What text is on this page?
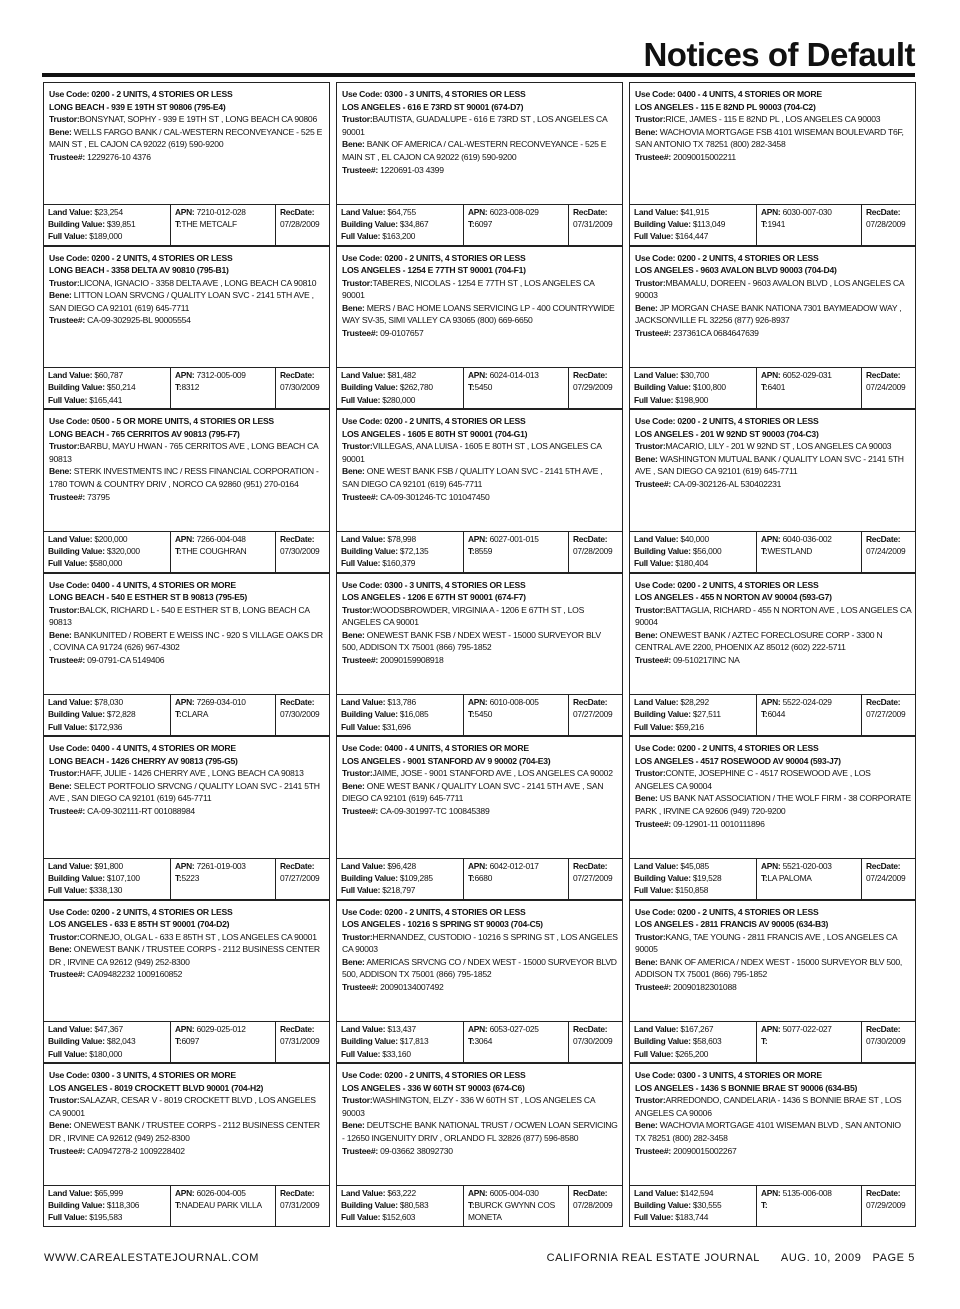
Notices of Default
Use Code: 0200 - 2 UNITS, 4 STORIES OR LESS
LONG BEACH - 939 E 19TH ST 90806 (795-E4)
Trustor:BONSYNAT, SOPHY - 939 E 19TH ST , LONG BEACH CA 90806
Bene: WELLS FARGO BANK / CAL-WESTERN RECONVEYANCE - 525 E MAIN ST , EL CAJON CA 92022 (619) 590-9200
Trustee#: 1229276-10 4376
Land Value: $23,254
Building Value: $39,851
Full Value: $189,000
APN: 7210-012-028
T:THE METCALF
RecDate:
07/28/2009
Use Code: 0300 - 3 UNITS, 4 STORIES OR LESS
LOS ANGELES - 616 E 73RD ST 90001 (674-D7)
Trustor:BAUTISTA, GUADALUPE - 616 E 73RD ST , LOS ANGELES CA 90001
Bene: BANK OF AMERICA / CAL-WESTERN RECONVEYANCE - 525 E MAIN ST , EL CAJON CA 92022 (619) 590-9200
Trustee#: 1220691-03 4399
Land Value: $64,755
Building Value: $34,867
Full Value: $163,200
APN: 6023-008-029
T:6097
RecDate:
07/31/2009
Use Code: 0400 - 4 UNITS, 4 STORIES OR MORE
LOS ANGELES - 115 E 82ND PL 90003 (704-C2)
Trustor:RICE, JAMES - 115 E 82ND PL , LOS ANGELES CA 90003
Bene: WACHOVIA MORTGAGE FSB 4101 WISEMAN BOULEVARD T6F, SAN ANTONIO TX 78251 (800) 282-3458
Trustee#: 20090015002211
Land Value: $41,915
Building Value: $113,049
Full Value: $164,447
APN: 6030-007-030
T:1941
RecDate:
07/28/2009
Use Code: 0200 - 2 UNITS, 4 STORIES OR LESS
LONG BEACH - 3358 DELTA AV 90810 (795-B1)
Trustor:LICONA, IGNACIO - 3358 DELTA AVE , LONG BEACH CA 90810
Bene: LITTON LOAN SRVCNG / QUALITY LOAN SVC - 2141 5TH AVE , SAN DIEGO CA 92101 (619) 645-7711
Trustee#: CA-09-302925-BL 90005554
Land Value: $60,787
Building Value: $50,214
Full Value: $165,441
APN: 7312-005-009
T:8312
RecDate:
07/30/2009
Use Code: 0200 - 2 UNITS, 4 STORIES OR LESS
LOS ANGELES - 1254 E 77TH ST 90001 (704-F1)
Trustor:TABERES, NICOLAS - 1254 E 77TH ST , LOS ANGELES CA 90001
Bene: MERS / BAC HOME LOANS SERVICING LP - 400 COUNTRYWIDE WAY SV-35, SIMI VALLEY CA 93065 (800) 669-6650
Trustee#: 09-0107657
Land Value: $81,482
Building Value: $262,780
Full Value: $280,000
APN: 6024-014-013
T:5450
RecDate:
07/29/2009
Use Code: 0200 - 2 UNITS, 4 STORIES OR LESS
LOS ANGELES - 9603 AVALON BLVD 90003 (704-D4)
Trustor:MBAMALU, DOREEN - 9603 AVALON BLVD , LOS ANGELES CA 90003
Bene: JP MORGAN CHASE BANK NATIONA 7301 BAYMEADOW WAY , JACKSONVILLE FL 32256 (877) 926-8937
Trustee#: 237361CA 0684647639
Land Value: $30,700
Building Value: $100,800
Full Value: $198,900
APN: 6052-029-031
T:6401
RecDate:
07/24/2009
Use Code: 0500 - 5 OR MORE UNITS, 4 STORIES OR LESS
LONG BEACH - 765 CERRITOS AV 90813 (795-F7)
Trustor:BARBU, MAYU HWAN - 765 CERRITOS AVE , LONG BEACH CA 90813
Bene: STERK INVESTMENTS INC / RESS FINANCIAL CORPORATION - 1780 TOWN & COUNTRY DRIV , NORCO CA 92860 (951) 270-0164
Trustee#: 73795
Land Value: $200,000
Building Value: $320,000
Full Value: $580,000
APN: 7266-004-048
T:THE COUGHRAN
RecDate:
07/30/2009
Use Code: 0200 - 2 UNITS, 4 STORIES OR LESS
LOS ANGELES - 1605 E 80TH ST 90001 (704-G1)
Trustor:VILLEGAS, ANA LUISA - 1605 E 80TH ST , LOS ANGELES CA 90001
Bene: ONE WEST BANK FSB / QUALITY LOAN SVC - 2141 5TH AVE , SAN DIEGO CA 92101 (619) 645-7711
Trustee#: CA-09-301246-TC 101047450
Land Value: $78,998
Building Value: $72,135
Full Value: $160,379
APN: 6027-001-015
T:8559
RecDate:
07/28/2009
Use Code: 0200 - 2 UNITS, 4 STORIES OR LESS
LOS ANGELES - 201 W 92ND ST 90003 (704-C3)
Trustor:MACARIO, LILY - 201 W 92ND ST , LOS ANGELES CA 90003
Bene: WASHINGTON MUTUAL BANK / QUALITY LOAN SVC - 2141 5TH AVE , SAN DIEGO CA 92101 (619) 645-7711
Trustee#: CA-09-302126-AL 530402231
Land Value: $40,000
Building Value: $56,000
Full Value: $180,404
APN: 6040-036-002
T:WESTLAND
RecDate:
07/24/2009
Use Code: 0400 - 4 UNITS, 4 STORIES OR MORE
LONG BEACH - 540 E ESTHER ST B 90813 (795-E5)
Trustor:BALCK, RICHARD L - 540 E ESTHER ST B, LONG BEACH CA 90813
Bene: BANKUNITED / ROBERT E WEISS INC - 920 S VILLAGE OAKS DR , COVINA CA 91724 (626) 967-4302
Trustee#: 09-0791-CA 5149406
Land Value: $78,030
Building Value: $72,828
Full Value: $172,936
APN: 7269-034-010
T:CLARA
RecDate:
07/30/2009
Use Code: 0300 - 3 UNITS, 4 STORIES OR LESS
LOS ANGELES - 1206 E 67TH ST 90001 (674-F7)
Trustor:WOODSBROWDER, VIRGINIA A - 1206 E 67TH ST , LOS ANGELES CA 90001
Bene: ONEWEST BANK FSB / NDEX WEST - 15000 SURVEYOR BLV 500, ADDISON TX 75001 (866) 795-1852
Trustee#: 20090159908918
Land Value: $13,786
Building Value: $16,085
Full Value: $31,696
APN: 6010-008-005
T:5450
RecDate:
07/27/2009
Use Code: 0200 - 2 UNITS, 4 STORIES OR LESS
LOS ANGELES - 455 N NORTON AV 90004 (593-G7)
Trustor:BATTAGLIA, RICHARD - 455 N NORTON AVE , LOS ANGELES CA 90004
Bene: ONEWEST BANK / AZTEC FORECLOSURE CORP - 3300 N CENTRAL AVE 2200, PHOENIX AZ 85012 (602) 222-5711
Trustee#: 09-510217INC NA
Land Value: $28,292
Building Value: $27,511
Full Value: $59,216
APN: 5522-024-029
T:6044
RecDate:
07/27/2009
Use Code: 0400 - 4 UNITS, 4 STORIES OR MORE
LONG BEACH - 1426 CHERRY AV 90813 (795-G5)
Trustor:HAFF, JULIE - 1426 CHERRY AVE , LONG BEACH CA 90813
Bene: SELECT PORTFOLIO SRVCNG / QUALITY LOAN SVC - 2141 5TH AVE , SAN DIEGO CA 92101 (619) 645-7711
Trustee#: CA-09-302111-RT 001088984
Land Value: $91,800
Building Value: $107,100
Full Value: $338,130
APN: 7261-019-003
T:5223
RecDate:
07/27/2009
Use Code: 0400 - 4 UNITS, 4 STORIES OR MORE
LOS ANGELES - 9001 STANFORD AV 9 90002 (704-E3)
Trustor:JAIME, JOSE - 9001 STANFORD AVE , LOS ANGELES CA 90002
Bene: ONE WEST BANK / QUALITY LOAN SVC - 2141 5TH AVE , SAN DIEGO CA 92101 (619) 645-7711
Trustee#: CA-09-301997-TC 100845389
Land Value: $96,428
Building Value: $109,285
Full Value: $218,797
APN: 6042-012-017
T:6680
RecDate:
07/27/2009
Use Code: 0200 - 2 UNITS, 4 STORIES OR LESS
LOS ANGELES - 4517 ROSEWOOD AV 90004 (593-J7)
Trustor:CONTE, JOSEPHINE C - 4517 ROSEWOOD AVE , LOS ANGELES CA 90004
Bene: US BANK NAT ASSOCIATION / THE WOLF FIRM - 38 CORPORATE PARK , IRVINE CA 92606 (949) 720-9200
Trustee#: 09-12901-11 0010111896
Land Value: $45,085
Building Value: $19,528
Full Value: $150,858
APN: 5521-020-003
T:LA PALOMA
RecDate:
07/24/2009
Use Code: 0200 - 2 UNITS, 4 STORIES OR LESS
LOS ANGELES - 633 E 85TH ST 90001 (704-D2)
Trustor:CORNEJO, OLGA L - 633 E 85TH ST , LOS ANGELES CA 90001
Bene: ONEWEST BANK / TRUSTEE CORPS - 2112 BUSINESS CENTER DR , IRVINE CA 92612 (949) 252-8300
Trustee#: CA09482232 1009160852
Land Value: $47,367
Building Value: $82,043
Full Value: $180,000
APN: 6029-025-012
T:6097
RecDate:
07/31/2009
Use Code: 0200 - 2 UNITS, 4 STORIES OR LESS
LOS ANGELES - 10216 S SPRING ST 90003 (704-C5)
Trustor:HERNANDEZ, CUSTODIO - 10216 S SPRING ST , LOS ANGELES CA 90003
Bene: AMERICAS SRVCNG CO / NDEX WEST - 15000 SURVEYOR BLVD 500, ADDISON TX 75001 (866) 795-1852
Trustee#: 20090134007492
Land Value: $13,437
Building Value: $17,813
Full Value: $33,160
APN: 6053-027-025
T:3064
RecDate:
07/30/2009
Use Code: 0200 - 2 UNITS, 4 STORIES OR LESS
LOS ANGELES - 2811 FRANCIS AV 90005 (634-B3)
Trustor:KANG, TAE YOUNG - 2811 FRANCIS AVE , LOS ANGELES CA 90005
Bene: BANK OF AMERICA / NDEX WEST - 15000 SURVEYOR BLV 500, ADDISON TX 75001 (866) 795-1852
Trustee#: 20090182301088
Land Value: $167,267
Building Value: $58,603
Full Value: $265,200
APN: 5077-022-027
T:
RecDate:
07/30/2009
Use Code: 0300 - 3 UNITS, 4 STORIES OR MORE
LOS ANGELES - 8019 CROCKETT BLVD 90001 (704-H2)
Trustor:SALAZAR, CESAR V - 8019 CROCKETT BLVD , LOS ANGELES CA 90001
Bene: ONEWEST BANK / TRUSTEE CORPS - 2112 BUSINESS CENTER DR , IRVINE CA 92612 (949) 252-8300
Trustee#: CA0947278-2 1009228402
Land Value: $65,999
Building Value: $118,306
Full Value: $195,583
APN: 6026-004-005
T:NADEAU PARK VILLA
RecDate:
07/31/2009
Use Code: 0200 - 2 UNITS, 4 STORIES OR LESS
LOS ANGELES - 336 W 60TH ST 90003 (674-C6)
Trustor:WASHINGTON, ELZY - 336 W 60TH ST , LOS ANGELES CA 90003
Bene: DEUTSCHE BANK NATIONAL TRUST / OCWEN LOAN SERVICING - 12650 INGENUITY DRIV , ORLANDO FL 32826 (877) 596-8580
Trustee#: 09-03662 38092730
Land Value: $63,222
Building Value: $80,583
Full Value: $152,603
APN: 6005-004-030
T:BURCK GWYNN COS MONETA
RecDate:
07/28/2009
Use Code: 0300 - 3 UNITS, 4 STORIES OR MORE
LOS ANGELES - 1436 S BONNIE BRAE ST 90006 (634-B5)
Trustor:ARREDONDO, CANDELARIA - 1436 S BONNIE BRAE ST , LOS ANGELES CA 90006
Bene: WACHOVIA MORTGAGE 4101 WISEMAN BLVD , SAN ANTONIO TX 78251 (800) 282-3458
Trustee#: 20090015002267
Land Value: $142,594
Building Value: $30,555
Full Value: $183,744
APN: 5135-006-008
T:
RecDate:
07/29/2009
WWW.CAREALESTATEJOURNAL.COM	CALIFORNIA REAL ESTATE JOURNAL      AUG. 10, 2009   PAGE 5
